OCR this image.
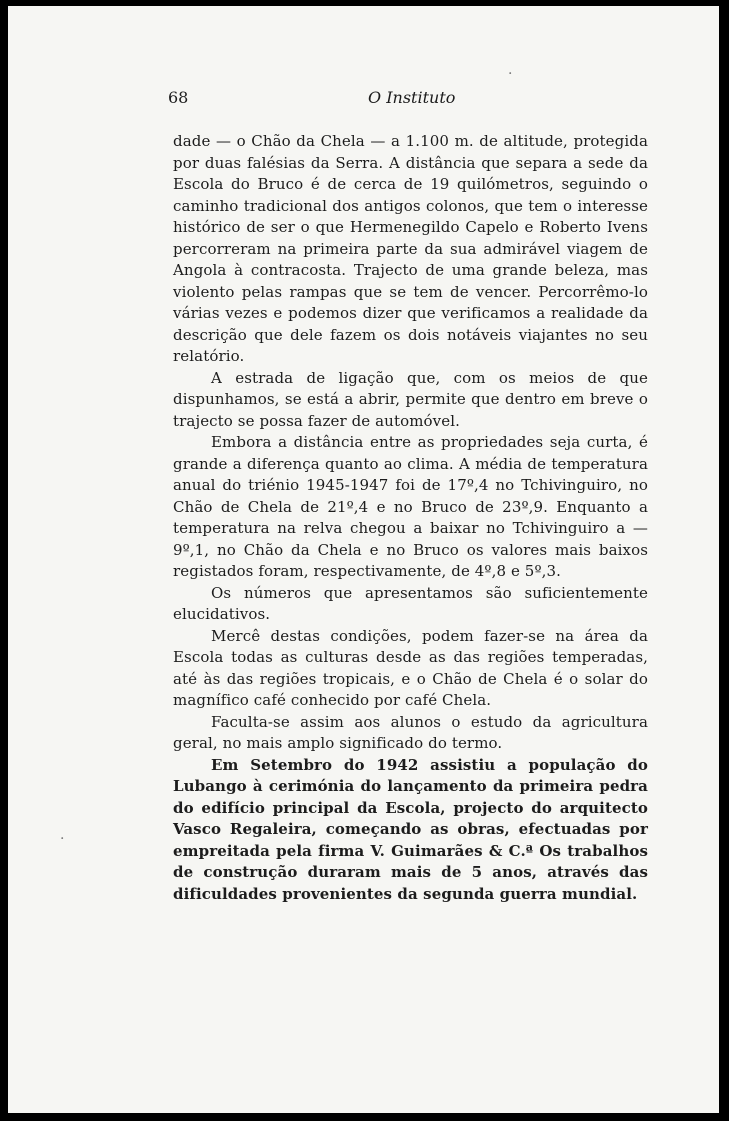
68	O Instituto

dade — o Chão da Chela — a 1.100 m. de altitude, protegida por duas falésias da Serra. A distância que separa a sede da Escola do Bruco é de cerca de 19 quilómetros, seguindo o caminho tradicional dos antigos colonos, que tem o interesse histórico de ser o que Hermenegildo Capelo e Roberto Ivens percorreram na primeira parte da sua admirável viagem de Angola à contracosta. Trajecto de uma grande beleza, mas violento pelas rampas que se tem de vencer. Percorrêmo-lo várias vezes e podemos dizer que verificamos a realidade da descrição que dele fazem os dois notáveis viajantes no seu relatório.

A estrada de ligação que, com os meios de que dispunhamos, se está a abrir, permite que dentro em breve o trajecto se possa fazer de automóvel.

Embora a distância entre as propriedades seja curta, é grande a diferença quanto ao clima. A média de temperatura anual do triénio 1945-1947 foi de 17º,4 no Tchivinguiro, no Chão de Chela de 21º,4 e no Bruco de 23º,9. Enquanto a temperatura na relva chegou a baixar no Tchivinguiro a —9º,1, no Chão da Chela e no Bruco os valores mais baixos registados foram, respectivamente, de 4º,8 e 5º,3.

Os números que apresentamos são suficientemente elucidativos.

Mercê destas condições, podem fazer-se na área da Escola todas as culturas desde as das regiões temperadas, até às das regiões tropicais, e o Chão de Chela é o solar do magnífico café conhecido por café Chela.

Faculta-se assim aos alunos o estudo da agricultura geral, no mais amplo significado do termo.

Em Setembro do 1942 assistiu a população do Lubango à cerimónia do lançamento da primeira pedra do edifício principal da Escola, projecto do arquitecto Vasco Regaleira, começando as obras, efectuadas por empreitada pela firma V. Guimarães & C.ª Os trabalhos de construção duraram mais de 5 anos, através das dificuldades provenientes da segunda guerra mundial.

·
·
